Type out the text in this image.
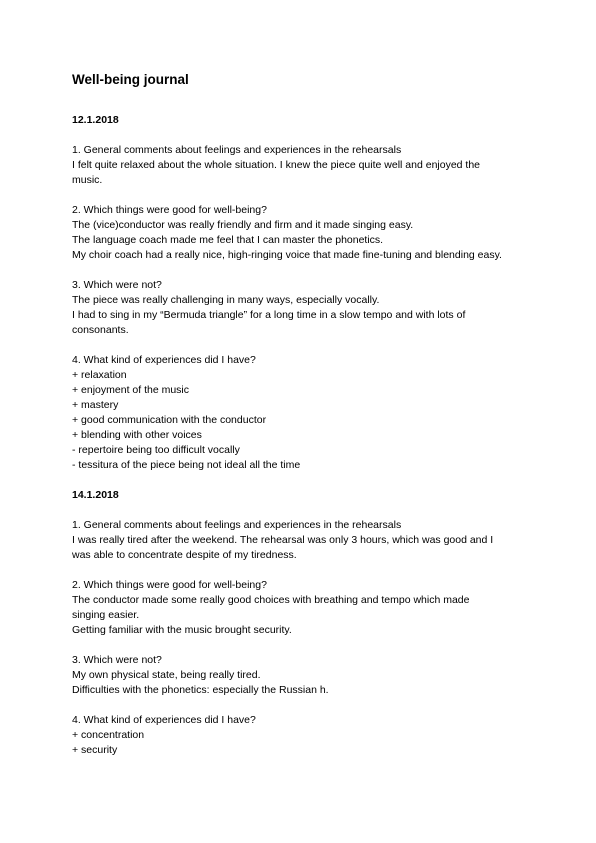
Well-being journal

12.1.2018

1. General comments about feelings and experiences in the rehearsals

I felt quite relaxed about the whole situation. I knew the piece quite well and enjoyed the

music.

2. Which things were good for well-being?

The (vice)conductor was really friendly and firm and it made singing easy.

The language coach made me feel that I can master the phonetics.

My choir coach had a really nice, high-ringing voice that made fine-tuning and blending easy.

3. Which were not?

The piece was really challenging in many ways, especially vocally.

I had to sing in my “Bermuda triangle” for a long time in a slow tempo and with lots of

consonants.

4. What kind of experiences did I have?

+ relaxation

+ enjoyment of the music

+ mastery

+ good communication with the conductor

+ blending with other voices

- repertoire being too difficult vocally

- tessitura of the piece being not ideal all the time

14.1.2018

1. General comments about feelings and experiences in the rehearsals

I was really tired after the weekend. The rehearsal was only 3 hours, which was good and I

was able to concentrate despite of my tiredness.

2. Which things were good for well-being?

The conductor made some really good choices with breathing and tempo which made

singing easier.

Getting familiar with the music brought security.

3. Which were not?

My own physical state, being really tired.

Difficulties with the phonetics: especially the Russian h.

4. What kind of experiences did I have?

+ concentration

+ security
